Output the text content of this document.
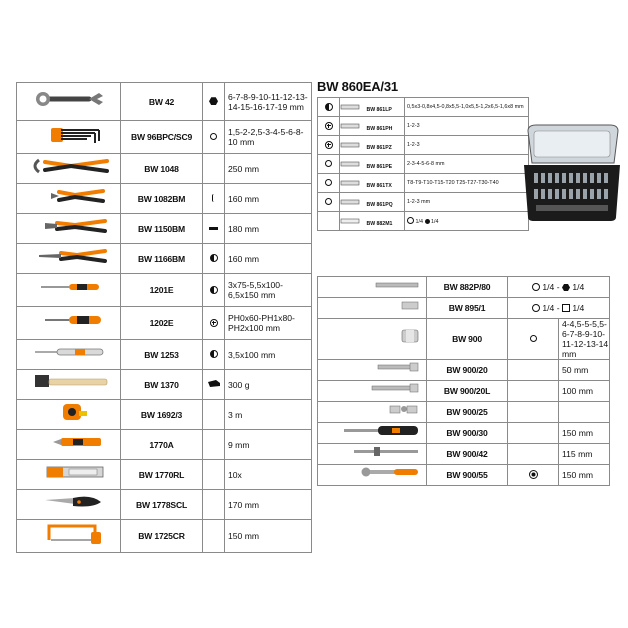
	BW 42		6-7-8-9-10-11-12-13-14-15-16-17-19 mm
	BW 96BPC/SC9		1,5-2-2,5-3-4-5-6-8-10 mm
	BW 1048		250 mm
	BW 1082BM		160 mm
	BW 1150BM		180 mm
	BW 1166BM		160 mm
	1201E		3x75-5,5x100-6,5x150 mm
	1202E		PH0x60-PH1x80-PH2x100 mm
	BW 1253		3,5x100 mm
	BW 1370		300 g
	BW 1692/3		3 m
	1770A		9 mm
	BW 1770RL		10x
	BW 1778SCL		170 mm
	BW 1725CR		150 mm
BW 860EA/31
	BW 861LP	0,5x3-0,8x4,5-0,8x5,5-1,0x5,5-1,2x6,5-1,6x8 mm
	BW 861PH	1-2-3
	BW 861PZ	1-2-3
	BW 861PE	2-3-4-5-6-8 mm
	BW 861TX	T8-T9-T10-T15-T20 T25-T27-T30-T40
	BW 861PQ	1-2-3 mm
	BW 882M1	1/4 1/4
	BW 882P/80	1/4 - 1/4	
	BW 895/1	1/4 - 1/4	
	BW 900		4-4,5-5-5,5-6-7-8-9-10-11-12-13-14 mm
	BW 900/20		50 mm
	BW 900/20L		100 mm
	BW 900/25		
	BW 900/30		150 mm
	BW 900/42		115 mm
	BW 900/55		150 mm
